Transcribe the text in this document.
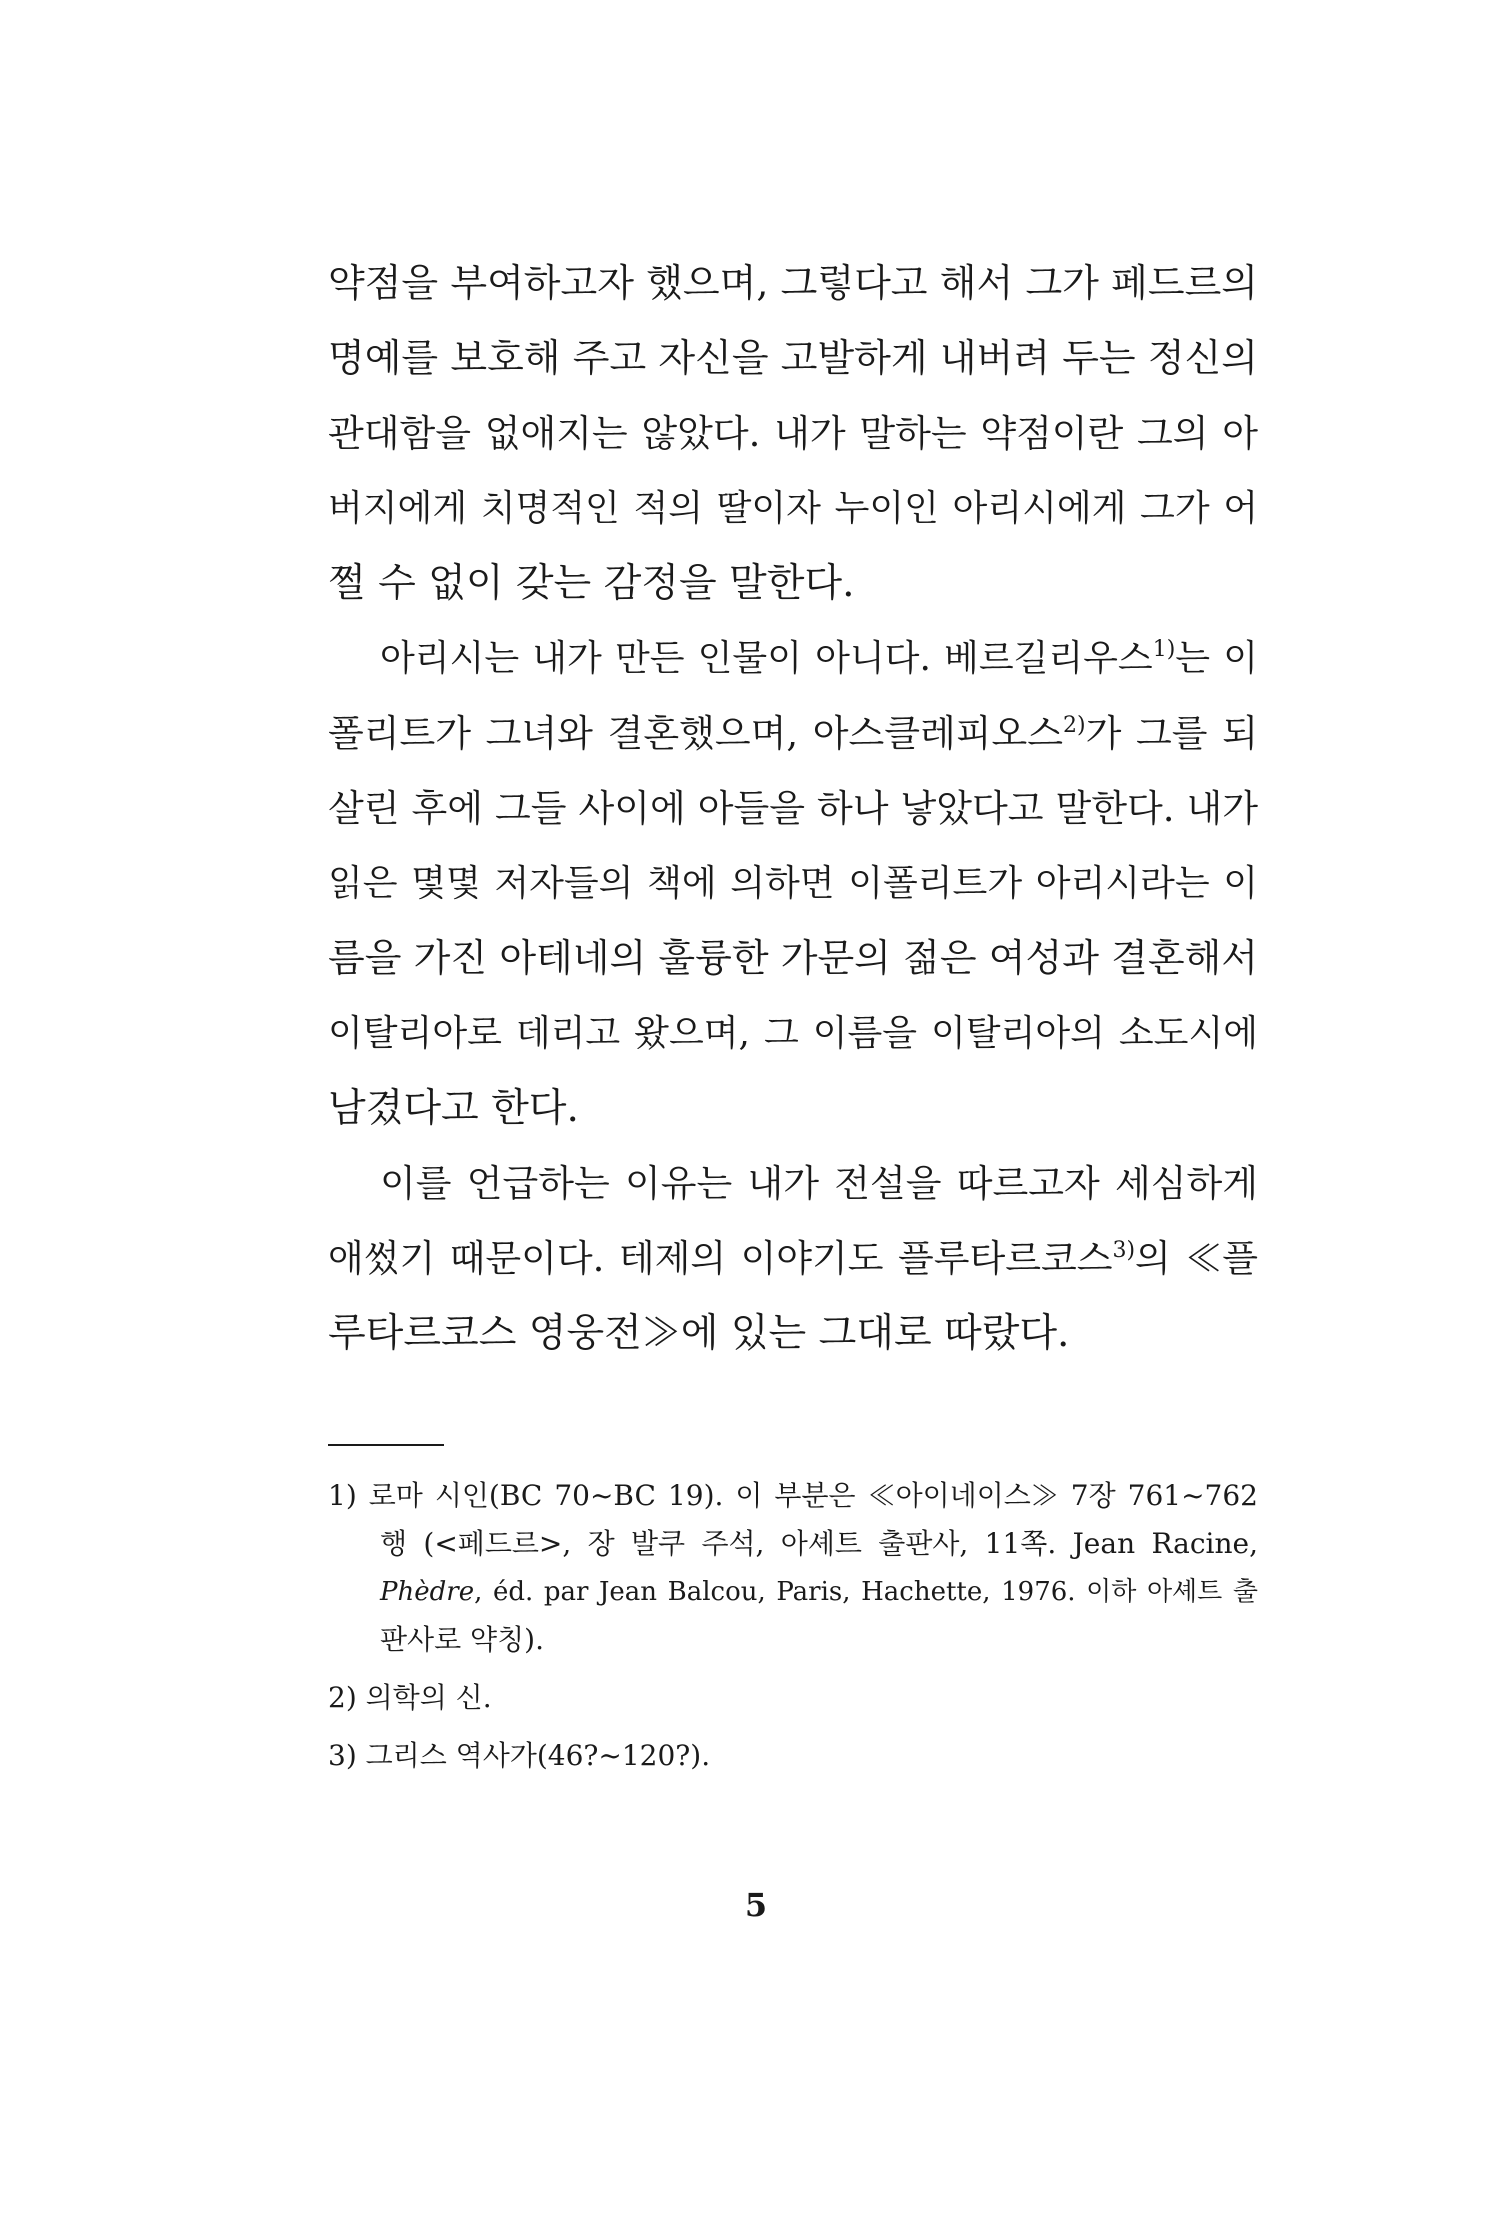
약점을 부여하고자 했으며, 그렇다고 해서 그가 페드르의
명예를 보호해 주고 자신을 고발하게 내버려 두는 정신의
관대함을 없애지는 않았다. 내가 말하는 약점이란 그의 아
버지에게 치명적인 적의 딸이자 누이인 아리시에게 그가 어
쩔 수 없이 갖는 감정을 말한다.
아리시는 내가 만든 인물이 아니다. 베르길리우스$^{1)}$는 이
폴리트가 그녀와 결혼했으며, 아스클레피오스$^{2)}$가 그를 되
살린 후에 그들 사이에 아들을 하나 낳았다고 말한다. 내가
읽은 몇몇 저자들의 책에 의하면 이폴리트가 아리시라는 이
름을 가진 아테네의 훌륭한 가문의 젊은 여성과 결혼해서
이탈리아로 데리고 왔으며, 그 이름을 이탈리아의 소도시에
남겼다고 한다.
이를 언급하는 이유는 내가 전설을 따르고자 세심하게
애썼기 때문이다. 테제의 이야기도 플루타르코스$^{3)}$의 ≪플
루타르코스 영웅전≫에 있는 그대로 따랐다.
1) 로마 시인(BC 70~BC 19). 이 부분은 ≪아이네이스≫ 7장 761~762
행 (<페드르>, 장 발쿠 주석, 아셰트 출판사, 11쪽. Jean Racine,
Phèdre, éd. par Jean Balcou, Paris, Hachette, 1976. 이하 아셰트 출
판사로 약칭).
2) 의학의 신.
3) 그리스 역사가(46?~120?).
5
